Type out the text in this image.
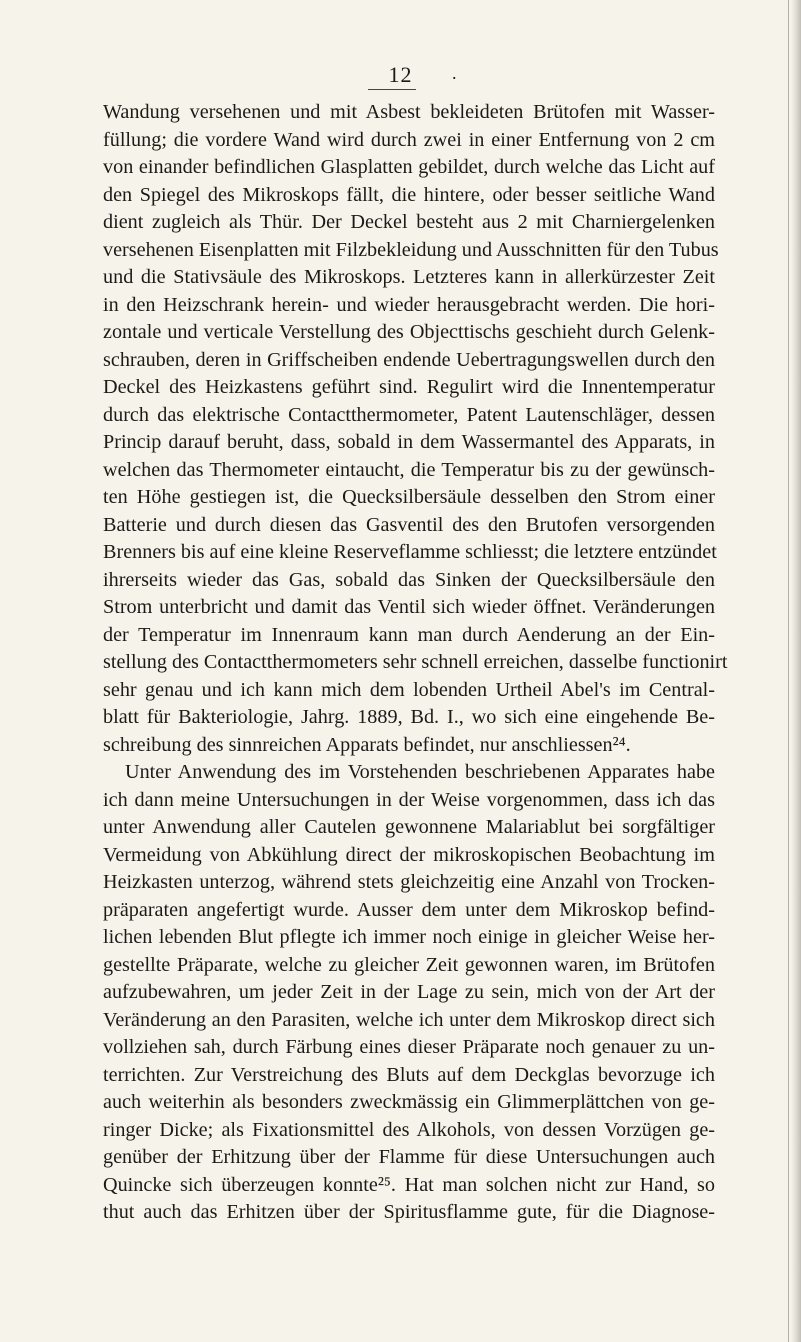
12	.
Wandung versehenen und mit Asbest bekleideten Brütofen mit Wasser-
füllung; die vordere Wand wird durch zwei in einer Entfernung von 2 cm
von einander befindlichen Glasplatten gebildet, durch welche das Licht auf
den Spiegel des Mikroskops fällt, die hintere, oder besser seitliche Wand
dient zugleich als Thür. Der Deckel besteht aus 2 mit Charniergelenken
versehenen Eisenplatten mit Filzbekleidung und Ausschnitten für den Tubus
und die Stativsäule des Mikroskops. Letzteres kann in allerkürzester Zeit
in den Heizschrank herein- und wieder herausgebracht werden. Die hori-
zontale und verticale Verstellung des Objecttischs geschieht durch Gelenk-
schrauben, deren in Griffscheiben endende Uebertragungswellen durch den
Deckel des Heizkastens geführt sind. Regulirt wird die Innentemperatur
durch das elektrische Contactthermometer, Patent Lautenschläger, dessen
Princip darauf beruht, dass, sobald in dem Wassermantel des Apparats, in
welchen das Thermometer eintaucht, die Temperatur bis zu der gewünsch-
ten Höhe gestiegen ist, die Quecksilbersäule desselben den Strom einer
Batterie und durch diesen das Gasventil des den Brutofen versorgenden
Brenners bis auf eine kleine Reserveflamme schliesst; die letztere entzündet
ihrerseits wieder das Gas, sobald das Sinken der Quecksilbersäule den
Strom unterbricht und damit das Ventil sich wieder öffnet. Veränderungen
der Temperatur im Innenraum kann man durch Aenderung an der Ein-
stellung des Contactthermometers sehr schnell erreichen, dasselbe functionirt
sehr genau und ich kann mich dem lobenden Urtheil Abel's im Central-
blatt für Bakteriologie, Jahrg. 1889, Bd. I., wo sich eine eingehende Be-
schreibung des sinnreichen Apparats befindet, nur anschliessen²⁴.
Unter Anwendung des im Vorstehenden beschriebenen Apparates habe
ich dann meine Untersuchungen in der Weise vorgenommen, dass ich das
unter Anwendung aller Cautelen gewonnene Malariablut bei sorgfältiger
Vermeidung von Abkühlung direct der mikroskopischen Beobachtung im
Heizkasten unterzog, während stets gleichzeitig eine Anzahl von Trocken-
präparaten angefertigt wurde. Ausser dem unter dem Mikroskop befind-
lichen lebenden Blut pflegte ich immer noch einige in gleicher Weise her-
gestellte Präparate, welche zu gleicher Zeit gewonnen waren, im Brütofen
aufzubewahren, um jeder Zeit in der Lage zu sein, mich von der Art der
Veränderung an den Parasiten, welche ich unter dem Mikroskop direct sich
vollziehen sah, durch Färbung eines dieser Präparate noch genauer zu un-
terrichten. Zur Verstreichung des Bluts auf dem Deckglas bevorzuge ich
auch weiterhin als besonders zweckmässig ein Glimmerplättchen von ge-
ringer Dicke; als Fixationsmittel des Alkohols, von dessen Vorzügen ge-
genüber der Erhitzung über der Flamme für diese Untersuchungen auch
Quincke sich überzeugen konnte²⁵. Hat man solchen nicht zur Hand, so
thut auch das Erhitzen über der Spiritusflamme gute, für die Diagnose-
